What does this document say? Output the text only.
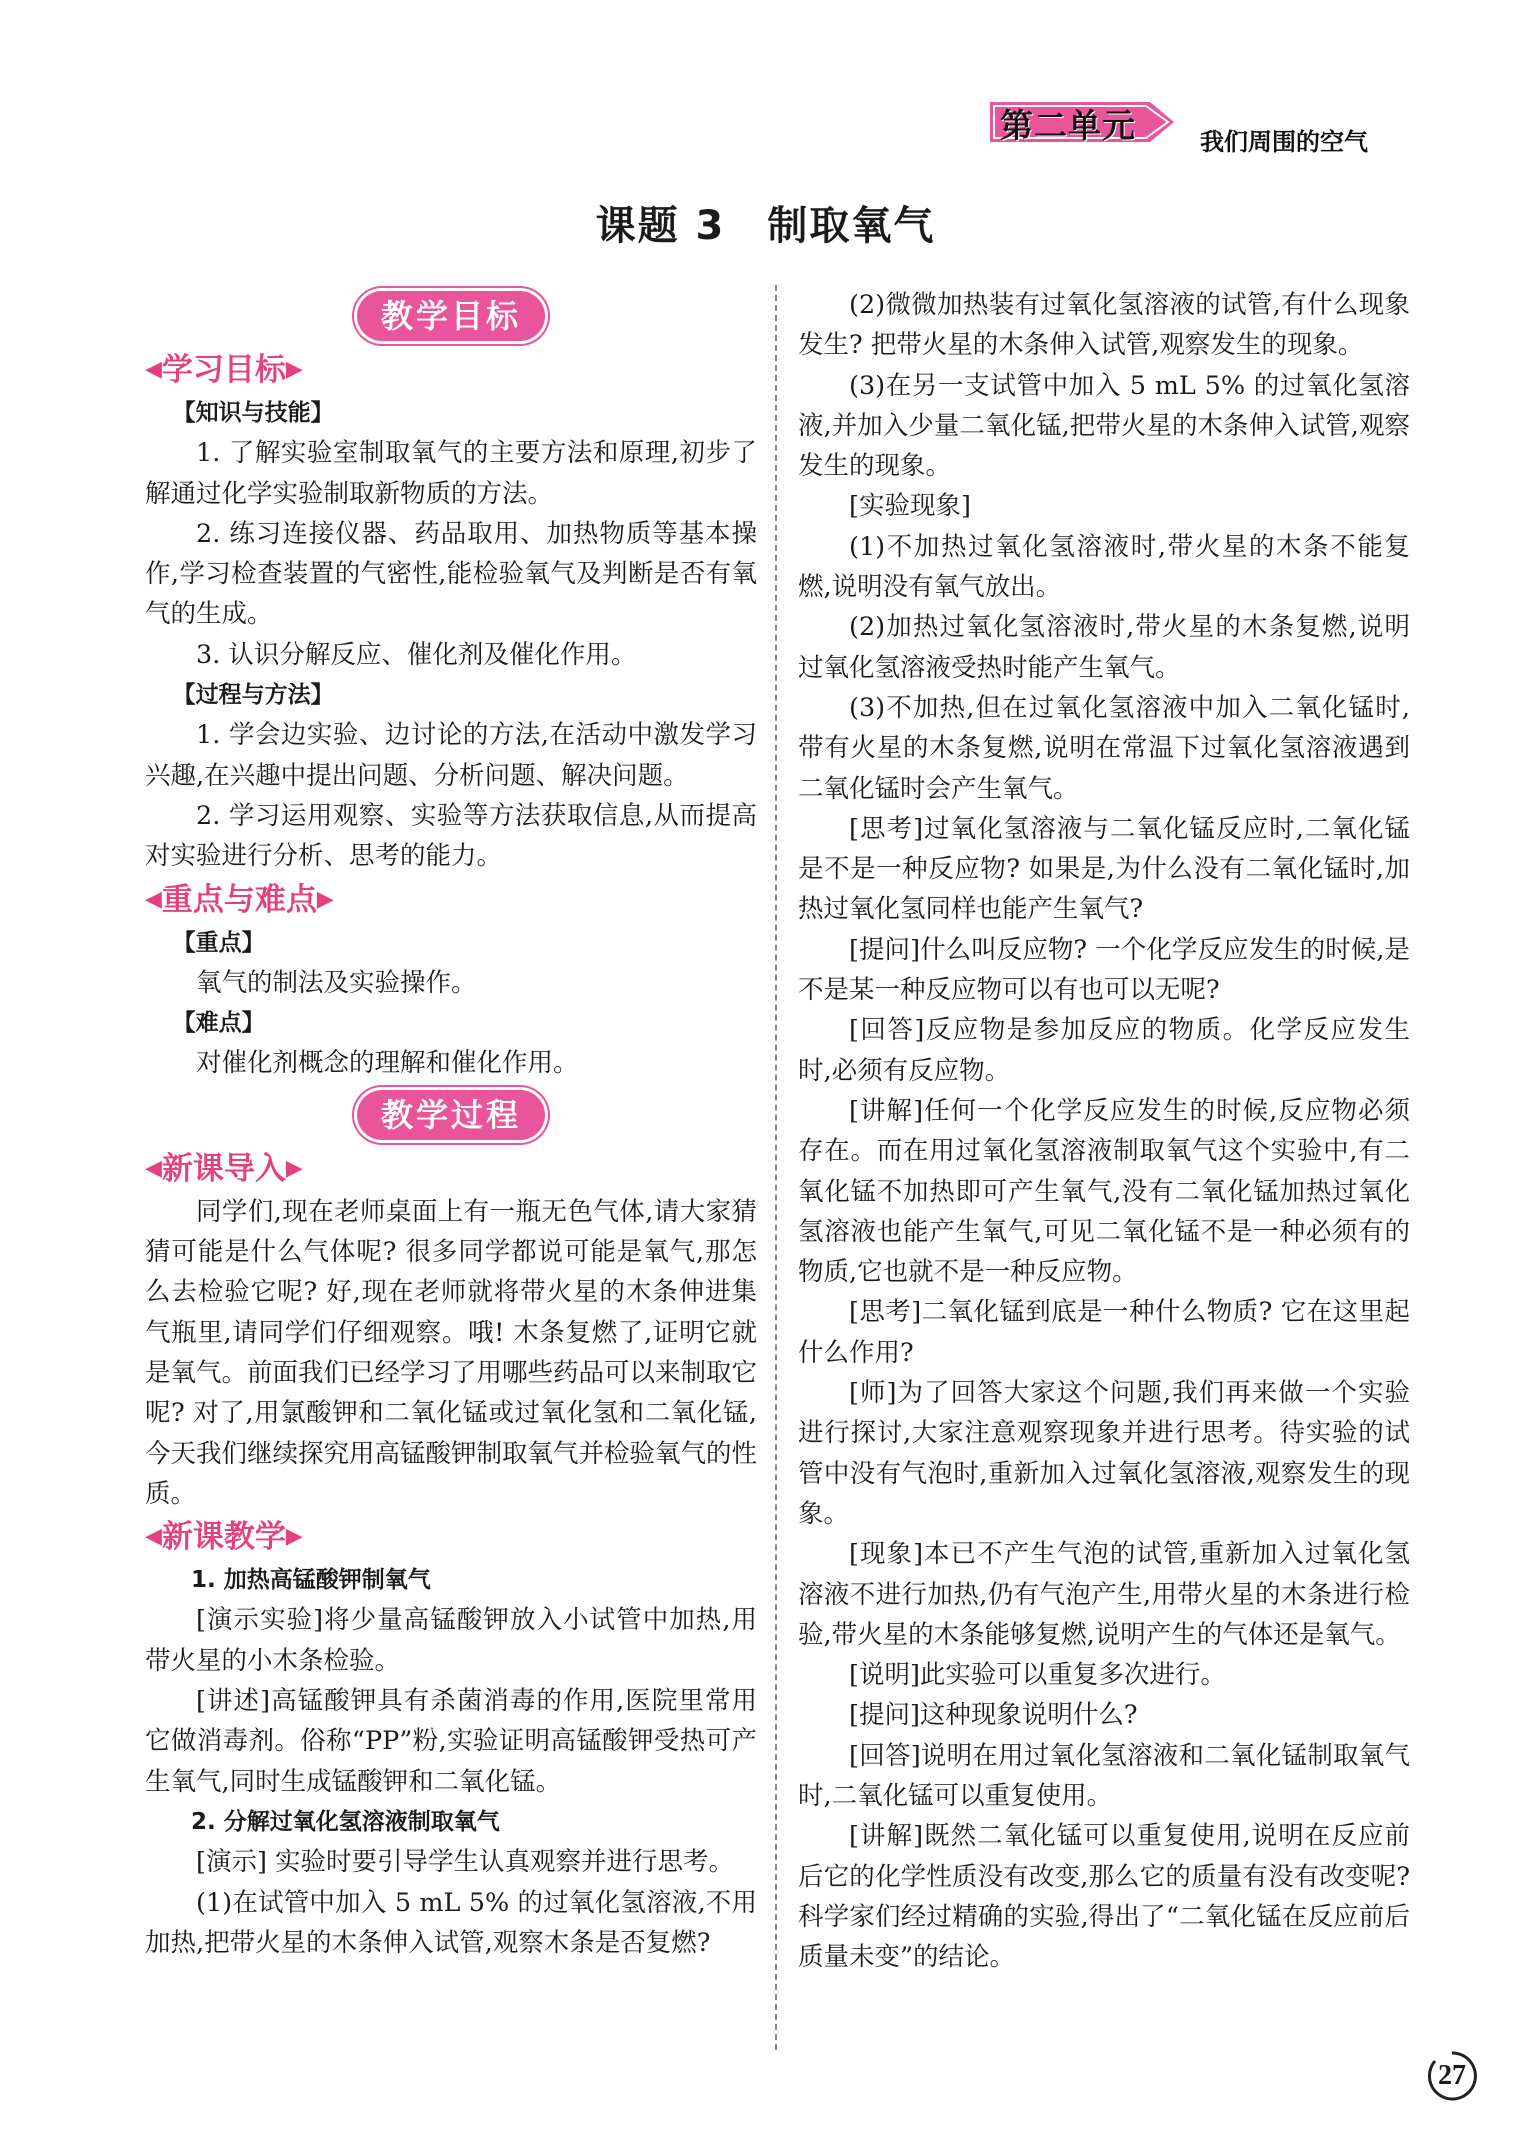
第二单元	我们周围的空气
课题 3　制取氧气
教学目标
◀ 学习目标 ▶

【知识与技能】

1. 了解实验室制取氧气的主要方法和原理,初步了解通过化学实验制取新物质的方法。

2. 练习连接仪器、药品取用、加热物质等基本操作,学习检查装置的气密性,能检验氧气及判断是否有氧气的生成。

3. 认识分解反应、催化剂及催化作用。

【过程与方法】

1. 学会边实验、边讨论的方法,在活动中激发学习兴趣,在兴趣中提出问题、分析问题、解决问题。

2. 学习运用观察、实验等方法获取信息,从而提高对实验进行分析、思考的能力。

◀ 重点与难点 ▶

【重点】

氧气的制法及实验操作。

【难点】

对催化剂概念的理解和催化作用。

教学过程
◀ 新课导入 ▶

同学们,现在老师桌面上有一瓶无色气体,请大家猜猜可能是什么气体呢? 很多同学都说可能是氧气,那怎么去检验它呢? 好,现在老师就将带火星的木条伸进集气瓶里,请同学们仔细观察。哦! 木条复燃了,证明它就是氧气。前面我们已经学习了用哪些药品可以来制取它呢? 对了,用氯酸钾和二氧化锰或过氧化氢和二氧化锰,今天我们继续探究用高锰酸钾制取氧气并检验氧气的性质。

◀ 新课教学 ▶

1. 加热高锰酸钾制氧气

[演示实验]将少量高锰酸钾放入小试管中加热,用带火星的小木条检验。

[讲述]高锰酸钾具有杀菌消毒的作用,医院里常用它做消毒剂。俗称“PP”粉,实验证明高锰酸钾受热可产生氧气,同时生成锰酸钾和二氧化锰。

2. 分解过氧化氢溶液制取氧气

[演示] 实验时要引导学生认真观察并进行思考。

(1)在试管中加入 5 mL 5% 的过氧化氢溶液,不用加热,把带火星的木条伸入试管,观察木条是否复燃?

(2)微微加热装有过氧化氢溶液的试管,有什么现象发生? 把带火星的木条伸入试管,观察发生的现象。

(3)在另一支试管中加入 5 mL 5% 的过氧化氢溶液,并加入少量二氧化锰,把带火星的木条伸入试管,观察发生的现象。

[实验现象]

(1)不加热过氧化氢溶液时,带火星的木条不能复燃,说明没有氧气放出。

(2)加热过氧化氢溶液时,带火星的木条复燃,说明过氧化氢溶液受热时能产生氧气。

(3)不加热,但在过氧化氢溶液中加入二氧化锰时,带有火星的木条复燃,说明在常温下过氧化氢溶液遇到二氧化锰时会产生氧气。

[思考]过氧化氢溶液与二氧化锰反应时,二氧化锰是不是一种反应物? 如果是,为什么没有二氧化锰时,加热过氧化氢同样也能产生氧气?

[提问]什么叫反应物? 一个化学反应发生的时候,是不是某一种反应物可以有也可以无呢?

[回答]反应物是参加反应的物质。化学反应发生时,必须有反应物。

[讲解]任何一个化学反应发生的时候,反应物必须存在。而在用过氧化氢溶液制取氧气这个实验中,有二氧化锰不加热即可产生氧气,没有二氧化锰加热过氧化氢溶液也能产生氧气,可见二氧化锰不是一种必须有的物质,它也就不是一种反应物。

[思考]二氧化锰到底是一种什么物质? 它在这里起什么作用?

[师]为了回答大家这个问题,我们再来做一个实验进行探讨,大家注意观察现象并进行思考。待实验的试管中没有气泡时,重新加入过氧化氢溶液,观察发生的现象。

[现象]本已不产生气泡的试管,重新加入过氧化氢溶液不进行加热,仍有气泡产生,用带火星的木条进行检验,带火星的木条能够复燃,说明产生的气体还是氧气。

[说明]此实验可以重复多次进行。

[提问]这种现象说明什么?

[回答]说明在用过氧化氢溶液和二氧化锰制取氧气时,二氧化锰可以重复使用。

[讲解]既然二氧化锰可以重复使用,说明在反应前后它的化学性质没有改变,那么它的质量有没有改变呢? 科学家们经过精确的实验,得出了“二氧化锰在反应前后质量未变”的结论。

27
